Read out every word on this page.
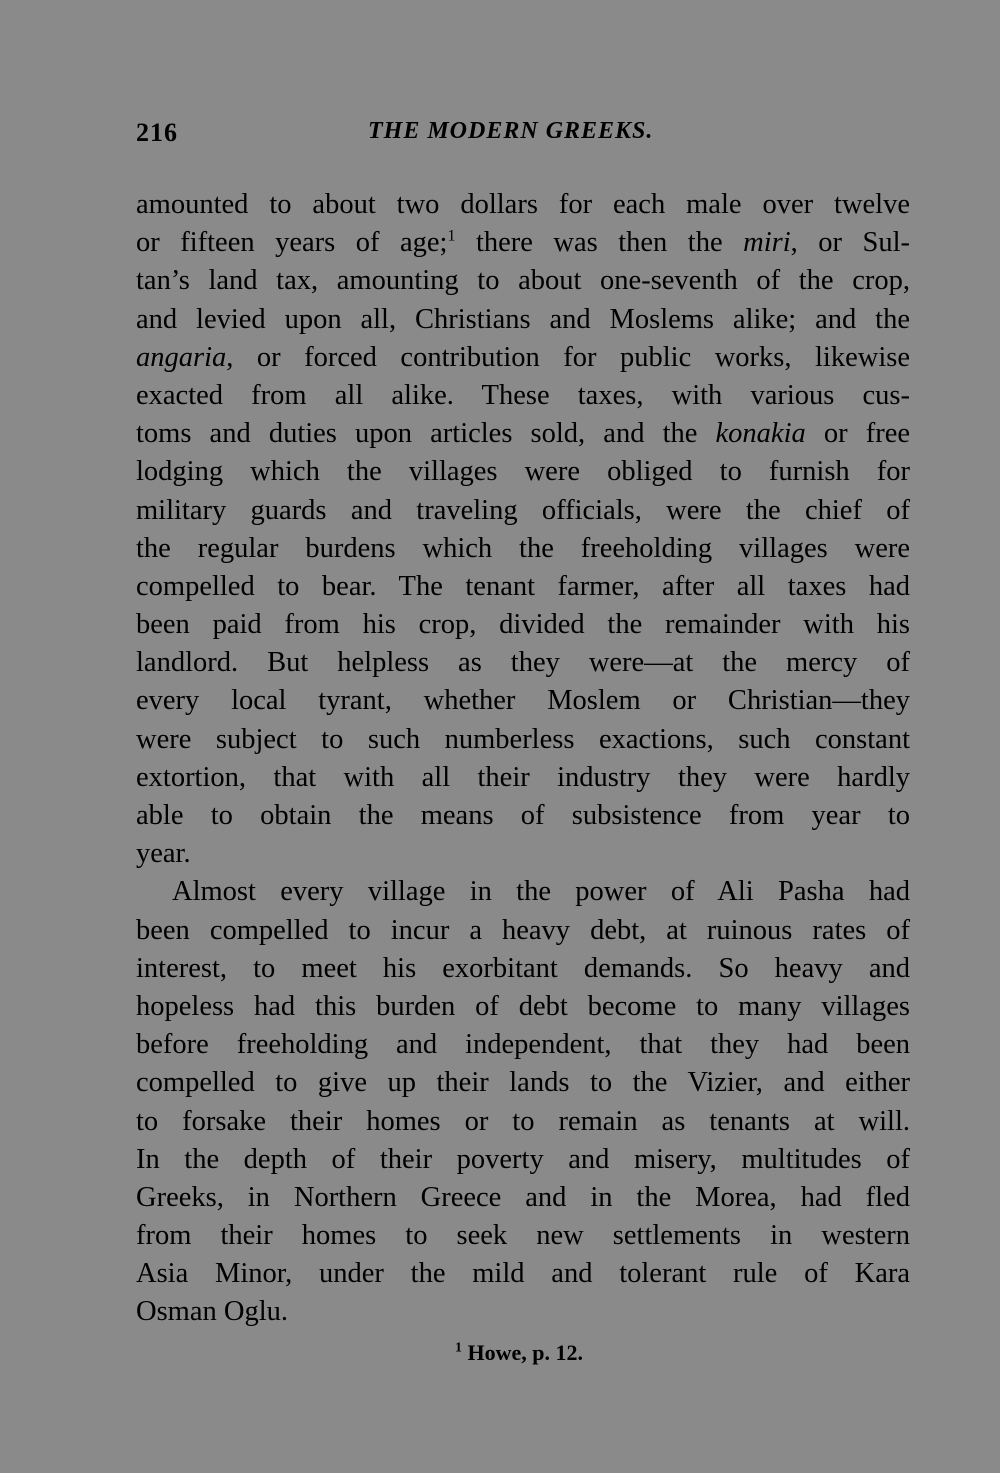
216	THE MODERN GREEKS.
amounted to about two dollars for each male over twelve
or fifteen years of age;$^1$ there was then the miri, or Sul-
tan’s land tax, amounting to about one-seventh of the crop,
and levied upon all, Christians and Moslems alike; and the
angaria, or forced contribution for public works, likewise
exacted from all alike. These taxes, with various cus-
toms and duties upon articles sold, and the konakia or free
lodging which the villages were obliged to furnish for
military guards and traveling officials, were the chief of
the regular burdens which the freeholding villages were
compelled to bear. The tenant farmer, after all taxes had
been paid from his crop, divided the remainder with his
landlord. But helpless as they were—at the mercy of
every local tyrant, whether Moslem or Christian—they
were subject to such numberless exactions, such constant
extortion, that with all their industry they were hardly
able to obtain the means of subsistence from year to
year.
Almost every village in the power of Ali Pasha had
been compelled to incur a heavy debt, at ruinous rates of
interest, to meet his exorbitant demands. So heavy and
hopeless had this burden of debt become to many villages
before freeholding and independent, that they had been
compelled to give up their lands to the Vizier, and either
to forsake their homes or to remain as tenants at will.
In the depth of their poverty and misery, multitudes of
Greeks, in Northern Greece and in the Morea, had fled
from their homes to seek new settlements in western
Asia Minor, under the mild and tolerant rule of Kara
Osman Oglu.
$^1$ Howe, p. 12.
